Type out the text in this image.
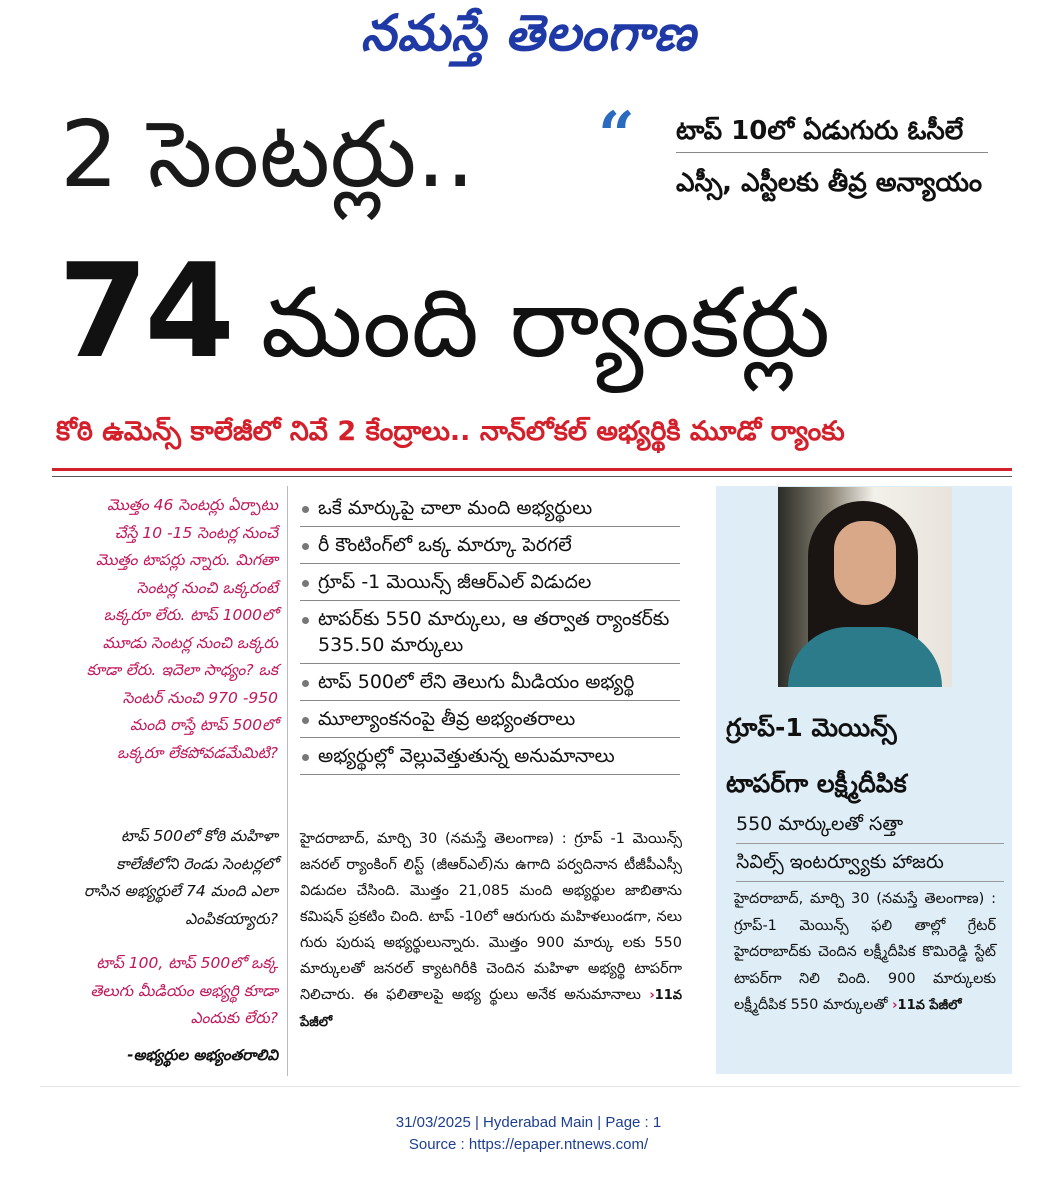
నమస్తే తెలంగాణ
2 సెంటర్లు.. “ టాప్ 10లో ఏడుగురు ఓసీలే
ఎస్సీ, ఎస్టీలకు తీవ్ర అన్యాయం
74 మంది ర్యాంకర్లు
కోఠి ఉమెన్స్ కాలేజీలో నివే 2 కేంద్రాలు.. నాన్‌లోకల్ అభ్యర్థికి మూడో ర్యాంకు
మొత్తం 46 సెంటర్లు ఏర్పాటు చేస్తే 10 -15 సెంటర్ల నుంచే మొత్తం టాపర్లు న్నారు. మిగతా సెంటర్ల నుంచి ఒక్కరంటే ఒక్కరూ లేరు. టాప్ 1000లో మూడు సెంటర్ల నుంచి ఒక్కరు కూడా లేరు. ఇదెలా సాధ్యం? ఒక సెంటర్ నుంచి 970 -950 మంది రాస్తే టాప్ 500లో ఒక్కరూ లేకపోవడమేమిటి?
టాప్ 500లో కోఠి మహిళా కాలేజీలోని రెండు సెంటర్లలో రాసిన అభ్యర్థులే 74 మంది ఎలా ఎంపికయ్యారు?
టాప్ 100, టాప్ 500లో ఒక్క తెలుగు మీడియం అభ్యర్థి కూడా ఎందుకు లేరు?
-అభ్యర్థుల అభ్యంతరాలివి
ఒకే మార్కుపై చాలా మంది అభ్యర్థులు
రీ కౌంటింగ్‌లో ఒక్క మార్కూ పెరగలే
గ్రూప్ -1 మెయిన్స్ జీఆర్‌ఎల్ విడుదల
టాపర్‌కు 550 మార్కులు, ఆ తర్వాత ర్యాంకర్‌కు 535.50 మార్కులు
టాప్ 500లో లేని తెలుగు మీడియం అభ్యర్థి
మూల్యాంకనంపై తీవ్ర అభ్యంతరాలు
అభ్యర్థుల్లో వెల్లువెత్తుతున్న అనుమానాలు
హైదరాబాద్, మార్చి 30 (నమస్తే తెలంగాణ) : గ్రూప్ -1 మెయిన్స్ జనరల్ ర్యాంకింగ్ లిస్ట్ (జీఆర్‌ఎల్)ను ఉగాది పర్వదినాన టీజీపీఎస్సీ విడుదల చేసింది. మొత్తం 21,085 మంది అభ్యర్థుల జాబితాను కమిషన్ ప్రకటిం చింది. టాప్ -10లో ఆరుగురు మహిళలుండగా, నలు గురు పురుష అభ్యర్థులున్నారు. మొత్తం 900 మార్కు లకు 550 మార్కులతో జనరల్ క్యాటగిరీకి చెందిన మహిళా అభ్యర్థి టాపర్‌గా నిలిచారు. ఈ ఫలితాలపై అభ్య ర్థులు అనేక అనుమానాలు ›11వ పేజీలో
గ్రూప్-1 మెయిన్స్
టాపర్‌గా లక్ష్మీదీపిక
550 మార్కులతో సత్తా
సివిల్స్ ఇంటర్వ్యూకు హాజరు
హైదరాబాద్, మార్చి 30 (నమస్తే తెలంగాణ) : గ్రూప్-1 మెయిన్స్ ఫలి తాల్లో గ్రేటర్ హైదరాబాద్‌కు చెందిన లక్ష్మీదీపిక కొమిరెడ్డి స్టేట్ టాపర్‌గా నిలి చింది. 900 మార్కులకు లక్ష్మీదీపిక 550 మార్కులతో ›11వ పేజీలో
31/03/2025 | Hyderabad Main | Page : 1
Source : https://epaper.ntnews.com/
